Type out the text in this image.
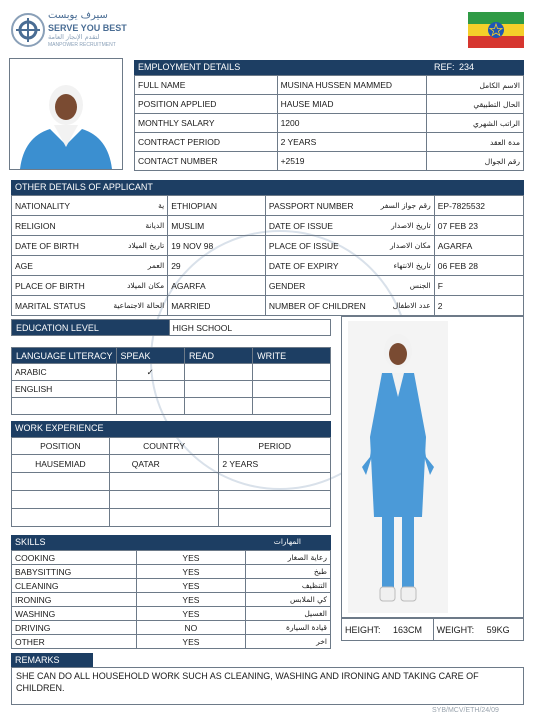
سيرف يوبست
SERVE YOU BEST
لتقدم الإنجاز العامة
MANPOWER RECRUITMENT
EMPLOYMENT DETAILS	REF: 234
FULL NAME	MUSINA HUSSEN MAMMED	الاسم الكامل
POSITION APPLIED	HAUSE MIAD	الحال التطبيقي
MONTHLY SALARY	1200	الراتب الشهري
CONTRACT PERIOD	2 YEARS	مدة العقد
CONTACT NUMBER	+2519	رقم الجوال
OTHER DETAILS OF APPLICANT
NATIONALITY	ية	ETHIOPIAN	PASSPORT NUMBER	رقم جواز السفر	EP-7825532
RELIGION	الديانة	MUSLIM	DATE OF ISSUE	تاريخ الاصدار	07 FEB 23
DATE OF BIRTH	تاريخ الميلاد	19 NOV 98	PLACE OF ISSUE	مكان الاصدار	AGARFA
AGE	العمر	29	DATE OF EXPIRY	تاريخ الانتهاء	06 FEB 28
PLACE OF BIRTH	مكان الميلاد	AGARFA	GENDER	الجنس	F
MARITAL STATUS	الحالة الاجتماعية	MARRIED	NUMBER OF CHILDREN	عدد الاطفال	2
EDUCATION LEVEL	HIGH SCHOOL
LANGUAGE LITERACY	SPEAK	READ	WRITE
ARABIC	✓		
ENGLISH			

WORK EXPERIENCE
POSITION	COUNTRY	PERIOD
HAUSEMIAD	QATAR	2 YEARS

SKILLS	المهارات
COOKING	YES	رعاية الصغار
BABYSITTING	YES	طبخ
CLEANING	YES	التنظيف
IRONING	YES	كي الملابس
WASHING	YES	الغسيل
DRIVING	NO	قيادة السيارة
OTHER	YES	اخر
HEIGHT: 163CM	WEIGHT: 59KG
REMARKS
SHE CAN DO ALL HOUSEHOLD WORK SUCH AS CLEANING, WASHING AND IRONING AND TAKING CARE OF CHILDREN.
SYB/MCV/ETH/24/09
